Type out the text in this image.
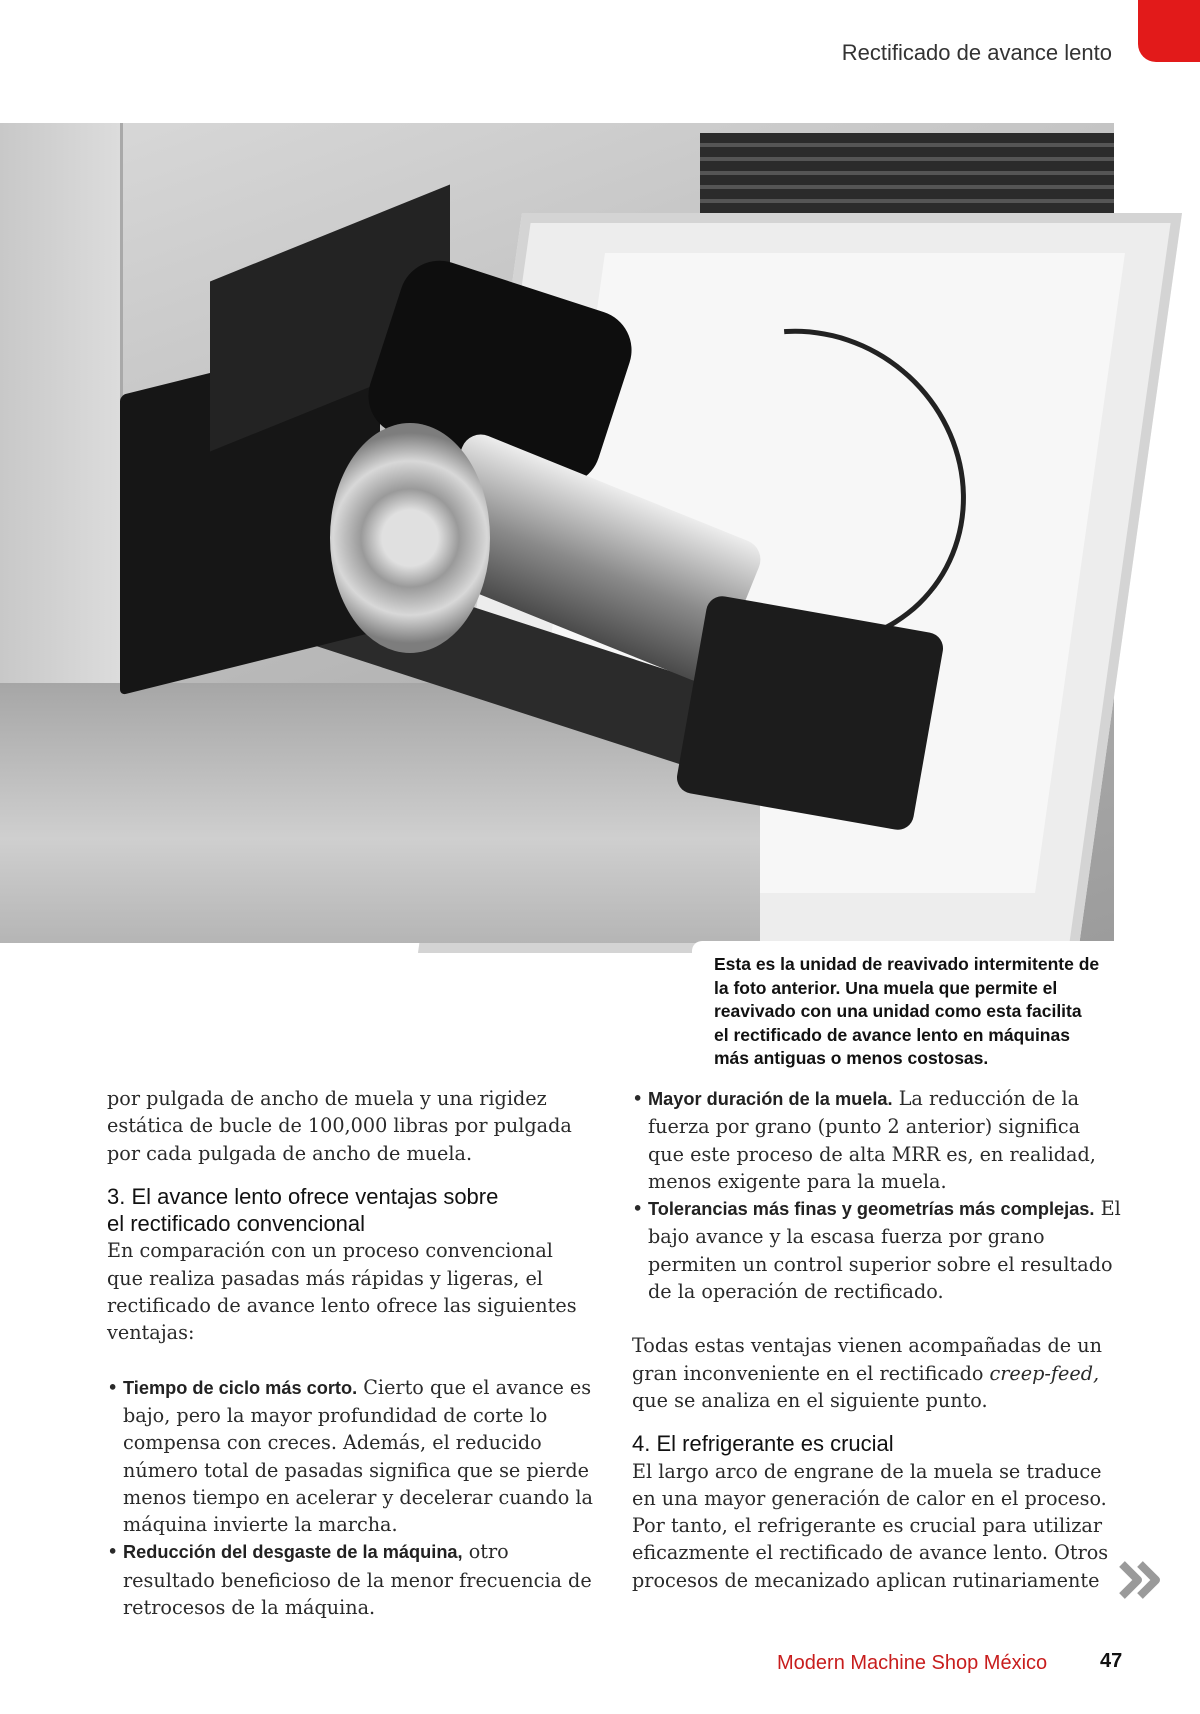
Rectificado de avance lento
Esta es la unidad de reavivado intermitente de la foto anterior. Una muela que permite el reavivado con una unidad como esta facilita el rectificado de avance lento en máquinas más antiguas o menos costosas.

por pulgada de ancho de muela y una rigidez estática de bucle de 100,000 libras por pulgada por cada pulgada de ancho de muela.

3. El avance lento ofrece ventajas sobre
el rectificado convencional

En comparación con un proceso convencional que realiza pasadas más rápidas y ligeras, el rectificado de avance lento ofrece las siguientes ventajas:

• Tiempo de ciclo más corto. Cierto que el avance es bajo, pero la mayor profundidad de corte lo compensa con creces. Además, el reducido número total de pasadas significa que se pierde menos tiempo en acelerar y decelerar cuando la máquina invierte la marcha.
• Reducción del desgaste de la máquina, otro resultado beneficioso de la menor frecuencia de retrocesos de la máquina.
• Mayor duración de la muela. La reducción de la fuerza por grano (punto 2 anterior) significa que este proceso de alta MRR es, en realidad, menos exigente para la muela.
• Tolerancias más finas y geometrías más complejas. El bajo avance y la escasa fuerza por grano permiten un control superior sobre el resultado de la operación de rectificado.

Todas estas ventajas vienen acompañadas de un gran inconveniente en el rectificado creep-feed, que se analiza en el siguiente punto.

4. El refrigerante es crucial

El largo arco de engrane de la muela se traduce en una mayor generación de calor en el proceso. Por tanto, el refrigerante es crucial para utilizar eficazmente el rectificado de avance lento. Otros procesos de mecanizado aplican rutinariamente

Modern Machine Shop México	47
